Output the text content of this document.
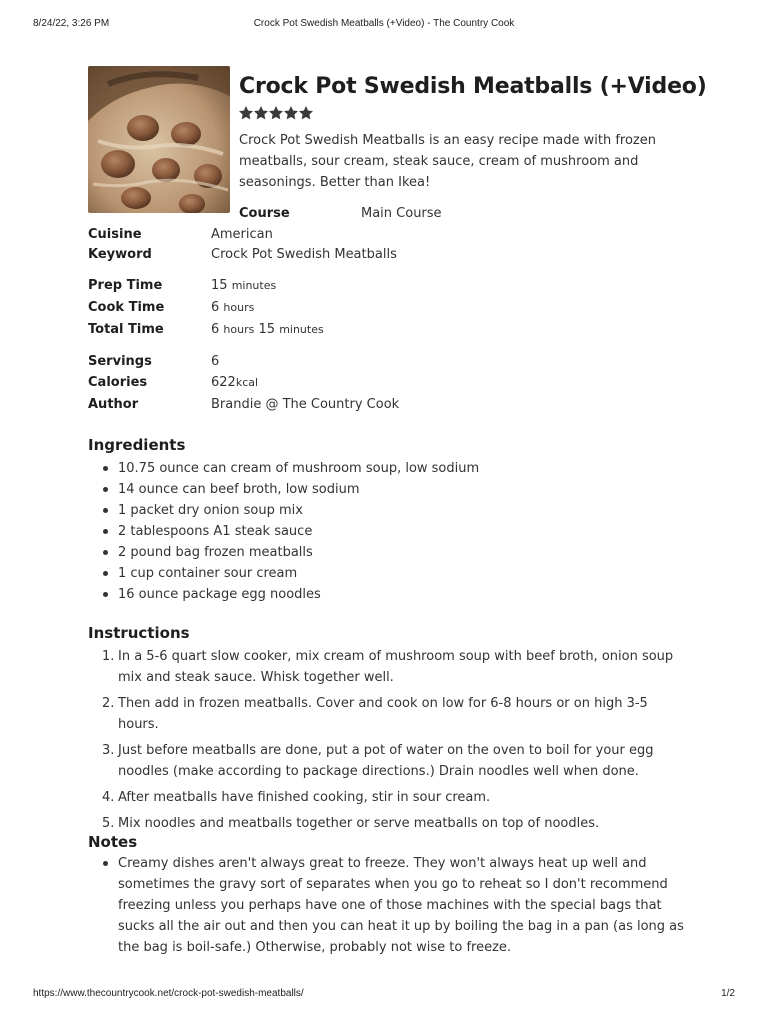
8/24/22, 3:26 PM	Crock Pot Swedish Meatballs (+Video) - The Country Cook
Crock Pot Swedish Meatballs (+Video)

Crock Pot Swedish Meatballs is an easy recipe made with frozen meatballs, sour cream, steak sauce, cream of mushroom and seasonings. Better than Ikea!

Course	Main Course
Cuisine	American
Keyword	Crock Pot Swedish Meatballs
Prep Time	15 minutes
Cook Time	6 hours
Total Time	6 hours 15 minutes
Servings	6
Calories	622kcal
Author	Brandie @ The Country Cook
Ingredients
10.75 ounce can cream of mushroom soup, low sodium
14 ounce can beef broth, low sodium
1 packet dry onion soup mix
2 tablespoons A1 steak sauce
2 pound bag frozen meatballs
1 cup container sour cream
16 ounce package egg noodles
Instructions
1. In a 5-6 quart slow cooker, mix cream of mushroom soup with beef broth, onion soup mix and steak sauce. Whisk together well.
2. Then add in frozen meatballs. Cover and cook on low for 6-8 hours or on high 3-5 hours.
3. Just before meatballs are done, put a pot of water on the oven to boil for your egg noodles (make according to package directions.) Drain noodles well when done.
4. After meatballs have finished cooking, stir in sour cream.
5. Mix noodles and meatballs together or serve meatballs on top of noodles.
Notes
Creamy dishes aren't always great to freeze. They won't always heat up well and sometimes the gravy sort of separates when you go to reheat so I don't recommend freezing unless you perhaps have one of those machines with the special bags that sucks all the air out and then you can heat it up by boiling the bag in a pan (as long as the bag is boil-safe.) Otherwise, probably not wise to freeze.
https://www.thecountrycook.net/crock-pot-swedish-meatballs/	1/2
